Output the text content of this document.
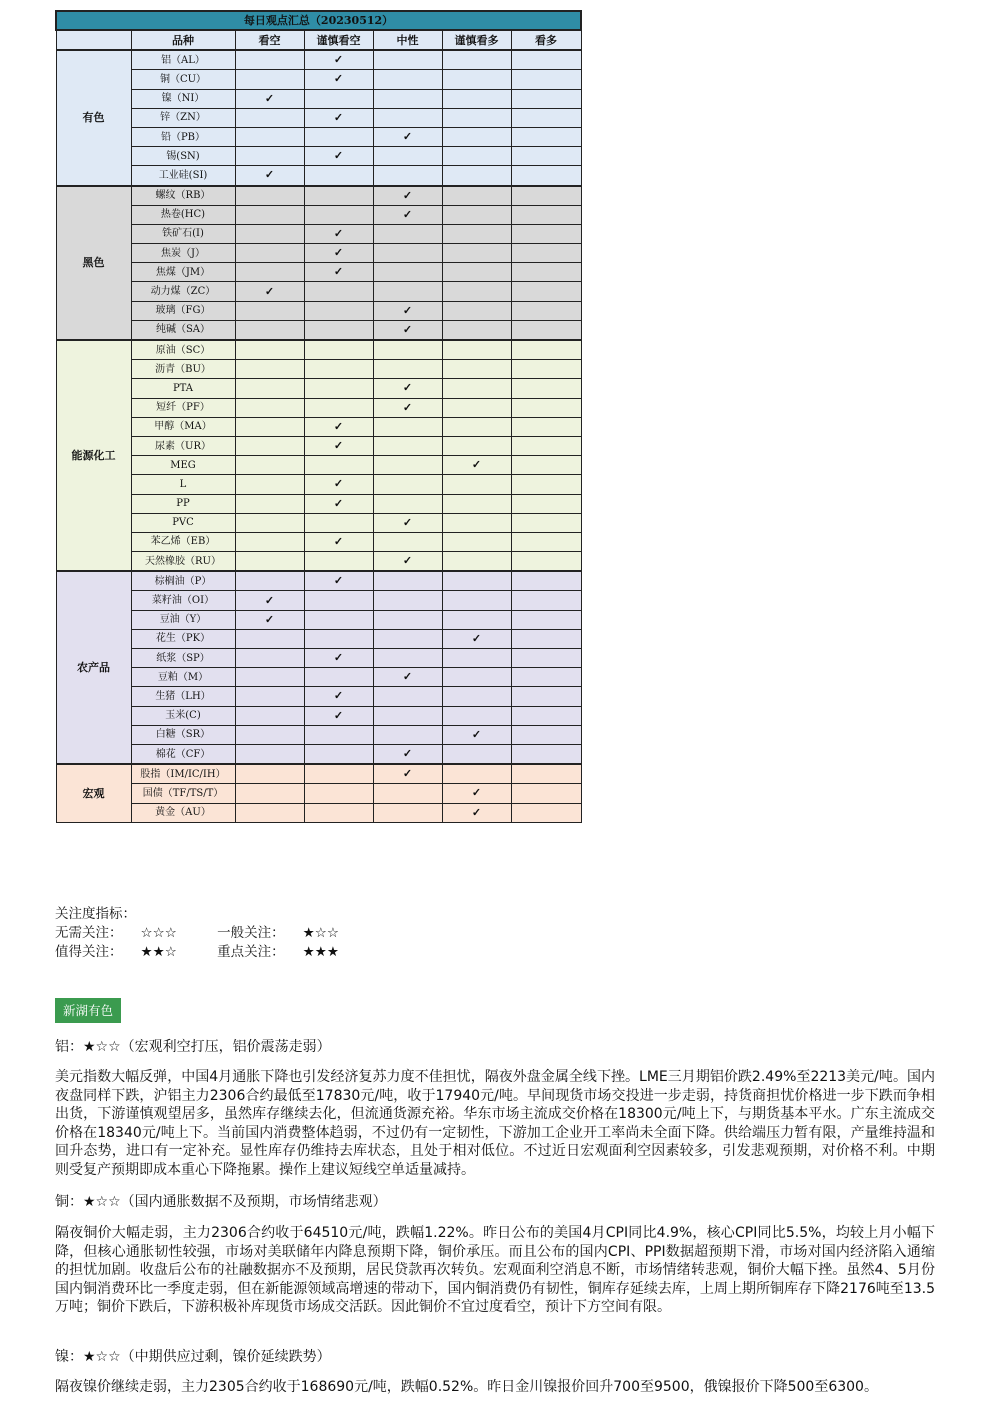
每日观点汇总（20230512）						
	品种	看空	谨慎看空	中性	谨慎看多	看多
有色	铝（AL）		✓			
	铜（CU）		✓			
	镍（NI）	✓				
	锌（ZN）		✓			
	铅（PB）			✓		
	锡(SN)		✓			
	工业硅(SI)	✓				
黑色	螺纹（RB）			✓		
	热卷(HC)			✓		
	铁矿石(I)		✓			
	焦炭（J）		✓			
	焦煤（JM）		✓			
	动力煤（ZC）	✓				
	玻璃（FG）			✓		
	纯碱（SA）			✓		
能源化工	原油（SC）					
	沥青（BU）					
	PTA			✓		
	短纤（PF）			✓		
	甲醇（MA）		✓			
	尿素（UR）		✓			
	MEG				✓	
	L		✓			
	PP		✓			
	PVC			✓		
	苯乙烯（EB）		✓			
	天然橡胶（RU）			✓		
农产品	棕榈油（P）		✓			
	菜籽油（OI）	✓				
	豆油（Y）	✓				
	花生（PK）				✓	
	纸浆（SP）		✓			
	豆粕（M）			✓		
	生猪（LH）		✓			
	玉米(C)		✓			
	白糖（SR）				✓	
	棉花（CF）			✓		
宏观	股指（IM/IC/IH）			✓		
	国债（TF/TS/T）				✓	
	黄金（AU）				✓	
关注度指标：
无需关注： ☆☆☆	一般关注： ★☆☆
值得关注： ★★☆	重点关注： ★★★
新湖有色
铝：★☆☆（宏观利空打压，铝价震荡走弱）

美元指数大幅反弹，中国4月通胀下降也引发经济复苏力度不佳担忧，隔夜外盘金属全线下挫。LME三月期铝价跌2.49%至2213美元/吨。国内夜盘同样下跌，沪铝主力2306合约最低至17830元/吨，收于17940元/吨。早间现货市场交投进一步走弱，持货商担忧价格进一步下跌而争相出货，下游谨慎观望居多，虽然库存继续去化，但流通货源充裕。华东市场主流成交价格在18300元/吨上下，与期货基本平水。广东主流成交价格在18340元/吨上下。当前国内消费整体趋弱，不过仍有一定韧性，下游加工企业开工率尚未全面下降。供给端压力暂有限，产量维持温和回升态势，进口有一定补充。显性库存仍维持去库状态，且处于相对低位。不过近日宏观面利空因素较多，引发悲观预期，对价格不利。中期则受复产预期即成本重心下降拖累。操作上建议短线空单适量减持。

铜：★☆☆（国内通胀数据不及预期，市场情绪悲观）

隔夜铜价大幅走弱，主力2306合约收于64510元/吨，跌幅1.22%。昨日公布的美国4月CPI同比4.9%，核心CPI同比5.5%，均较上月小幅下降，但核心通胀韧性较强，市场对美联储年内降息预期下降，铜价承压。而且公布的国内CPI、PPI数据超预期下滑，市场对国内经济陷入通缩的担忧加剧。收盘后公布的社融数据亦不及预期，居民贷款再次转负。宏观面利空消息不断，市场情绪转悲观，铜价大幅下挫。虽然4、5月份国内铜消费环比一季度走弱，但在新能源领域高增速的带动下，国内铜消费仍有韧性，铜库存延续去库，上周上期所铜库存下降2176吨至13.5万吨；铜价下跌后，下游积极补库现货市场成交活跃。因此铜价不宜过度看空，预计下方空间有限。

镍：★☆☆（中期供应过剩，镍价延续跌势）

隔夜镍价继续走弱，主力2305合约收于168690元/吨，跌幅0.52%。昨日金川镍报价回升700至9500，俄镍报价下降500至6300。
